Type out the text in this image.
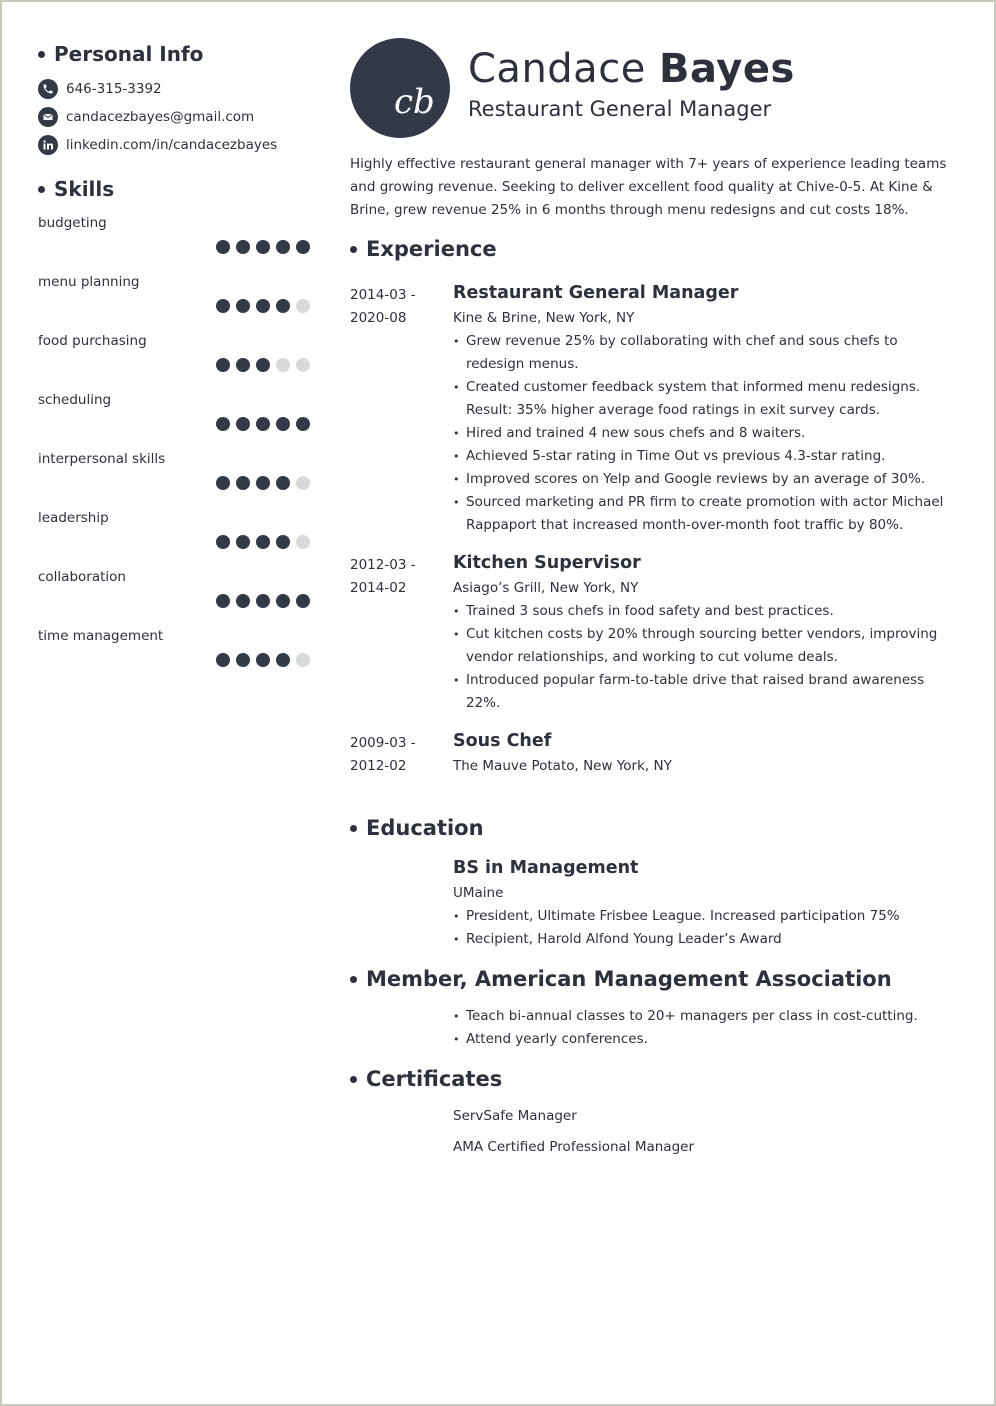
Personal Info
646-315-3392
candacezbayes@gmail.com
linkedin.com/in/candacezbayes
Skills
budgeting
menu planning
food purchasing
scheduling
interpersonal skills
leadership
collaboration
time management
cb
Candace Bayes
Restaurant General Manager

Highly effective restaurant general manager with 7+ years of experience leading teams and growing revenue. Seeking to deliver excellent food quality at Chive-0-5. At Kine & Brine, grew revenue 25% in 6 months through menu redesigns and cut costs 18%.

Experience
2014-03 -
2020-08
Restaurant General Manager
Kine & Brine, New York, NY
• Grew revenue 25% by collaborating with chef and sous chefs to redesign menus.
• Created customer feedback system that informed menu redesigns. Result: 35% higher average food ratings in exit survey cards.
• Hired and trained 4 new sous chefs and 8 waiters.
• Achieved 5-star rating in Time Out vs previous 4.3-star rating.
• Improved scores on Yelp and Google reviews by an average of 30%.
• Sourced marketing and PR firm to create promotion with actor Michael Rappaport that increased month-over-month foot traffic by 80%.
2012-03 -
2014-02
Kitchen Supervisor
Asiago’s Grill, New York, NY
• Trained 3 sous chefs in food safety and best practices.
• Cut kitchen costs by 20% through sourcing better vendors, improving vendor relationships, and working to cut volume deals.
• Introduced popular farm-to-table drive that raised brand awareness 22%.
2009-03 -
2012-02
Sous Chef
The Mauve Potato, New York, NY
Education
BS in Management
UMaine
• President, Ultimate Frisbee League. Increased participation 75%
• Recipient, Harold Alfond Young Leader’s Award
Member, American Management Association
• Teach bi-annual classes to 20+ managers per class in cost-cutting.
• Attend yearly conferences.
Certificates
ServSafe Manager
AMA Certified Professional Manager
